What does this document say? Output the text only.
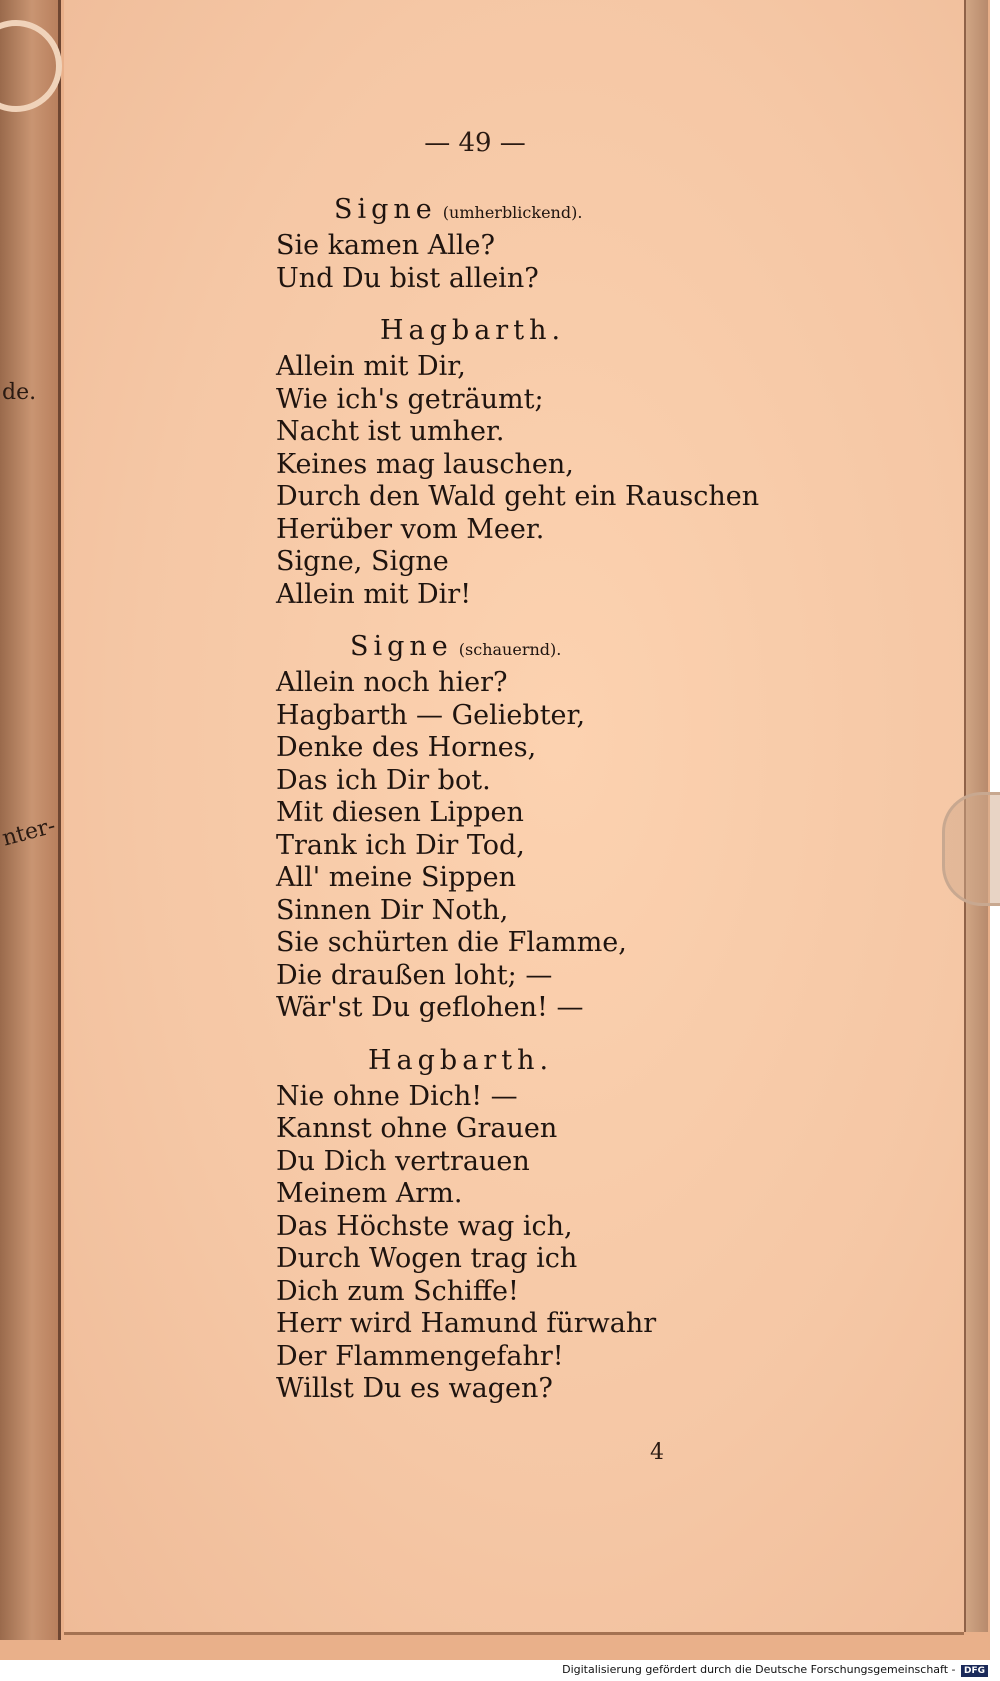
de.
nter-
— 49 —
Signe (umherblickend).
Sie kamen Alle?
Und Du bist allein?
Hagbarth.
Allein mit Dir,
Wie ich's geträumt;
Nacht ist umher.
Keines mag lauschen,
Durch den Wald geht ein Rauschen
Herüber vom Meer.
Signe, Signe
Allein mit Dir!
Signe (schauernd).
Allein noch hier?
Hagbarth — Geliebter,
Denke des Hornes,
Das ich Dir bot.
Mit diesen Lippen
Trank ich Dir Tod,
All' meine Sippen
Sinnen Dir Noth,
Sie schürten die Flamme,
Die draußen loht; —
Wär'st Du geflohen! —
Hagbarth.
Nie ohne Dich! —
Kannst ohne Grauen
Du Dich vertrauen
Meinem Arm.
Das Höchste wag ich,
Durch Wogen trag ich
Dich zum Schiffe!
Herr wird Hamund fürwahr
Der Flammengefahr!
Willst Du es wagen?
4
Digitalisierung gefördert durch die Deutsche Forschungsgemeinschaft - DFG
